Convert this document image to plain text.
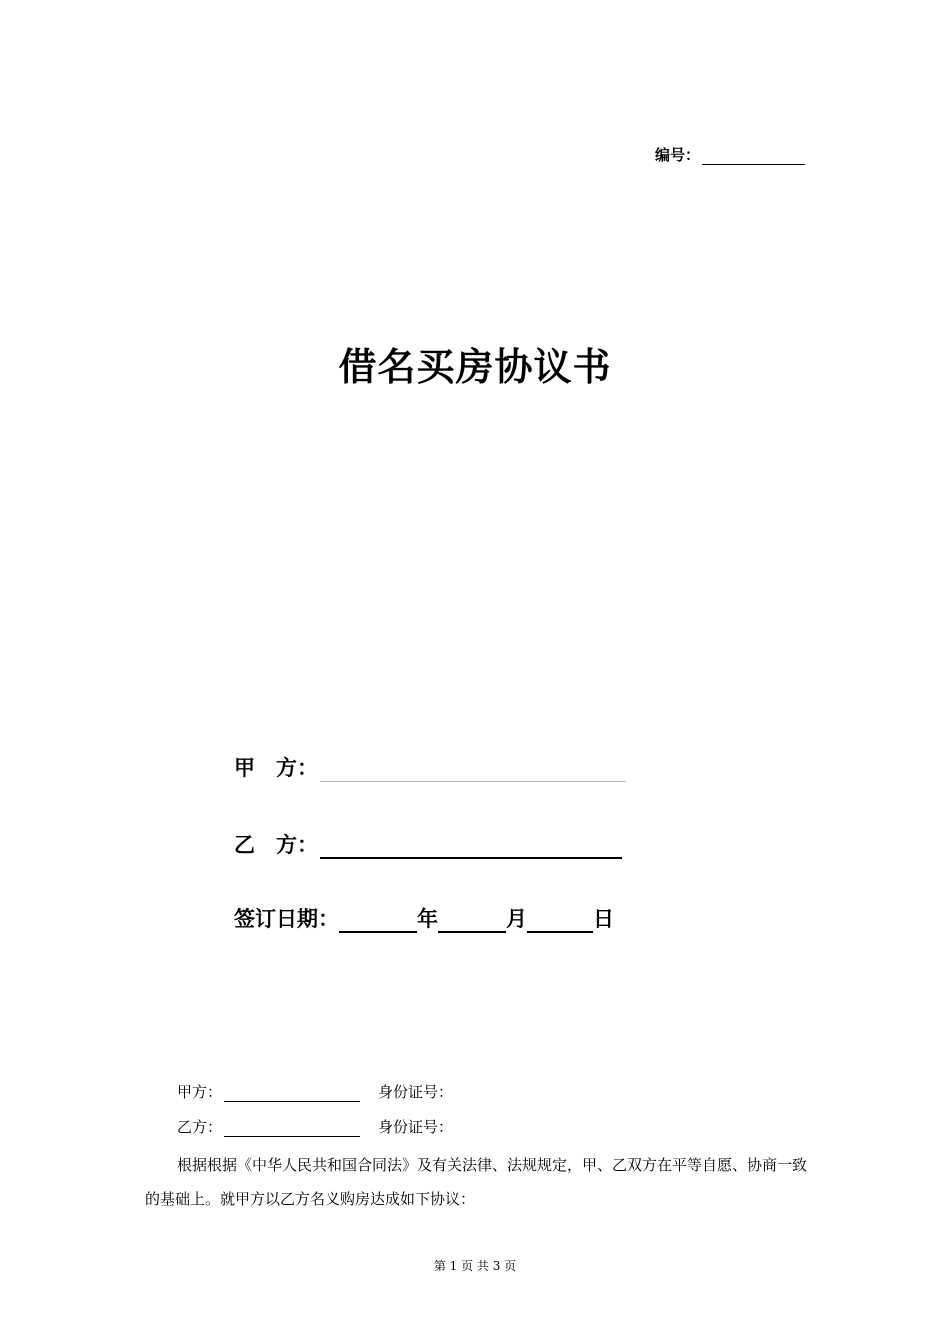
编号：
借名买房协议书
甲　方：
乙　方：
签订日期：	年	月	日
甲方：	身份证号：
乙方：	身份证号：
根据根据《中华人民共和国合同法》及有关法律、法规规定，甲、乙双方在平等自愿、协商一致的基础上。就甲方以乙方名义购房达成如下协议：
第 1 页 共 3 页
